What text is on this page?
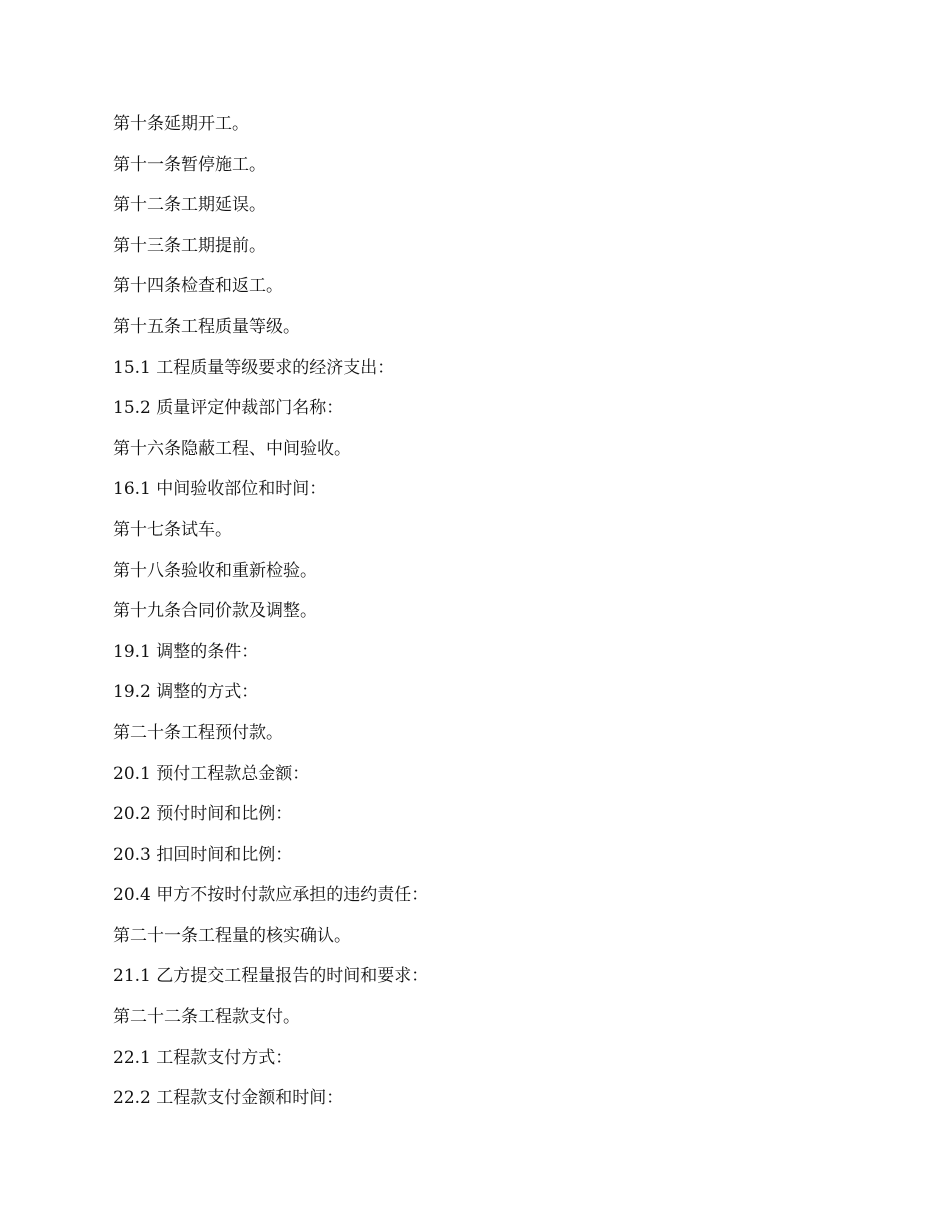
第十条延期开工。
第十一条暂停施工。
第十二条工期延误。
第十三条工期提前。
第十四条检查和返工。
第十五条工程质量等级。
15.1 工程质量等级要求的经济支出：
15.2 质量评定仲裁部门名称：
第十六条隐蔽工程、中间验收。
16.1 中间验收部位和时间：
第十七条试车。
第十八条验收和重新检验。
第十九条合同价款及调整。
19.1 调整的条件：
19.2 调整的方式：
第二十条工程预付款。
20.1 预付工程款总金额：
20.2 预付时间和比例：
20.3 扣回时间和比例：
20.4 甲方不按时付款应承担的违约责任：
第二十一条工程量的核实确认。
21.1 乙方提交工程量报告的时间和要求：
第二十二条工程款支付。
22.1 工程款支付方式：
22.2 工程款支付金额和时间：
